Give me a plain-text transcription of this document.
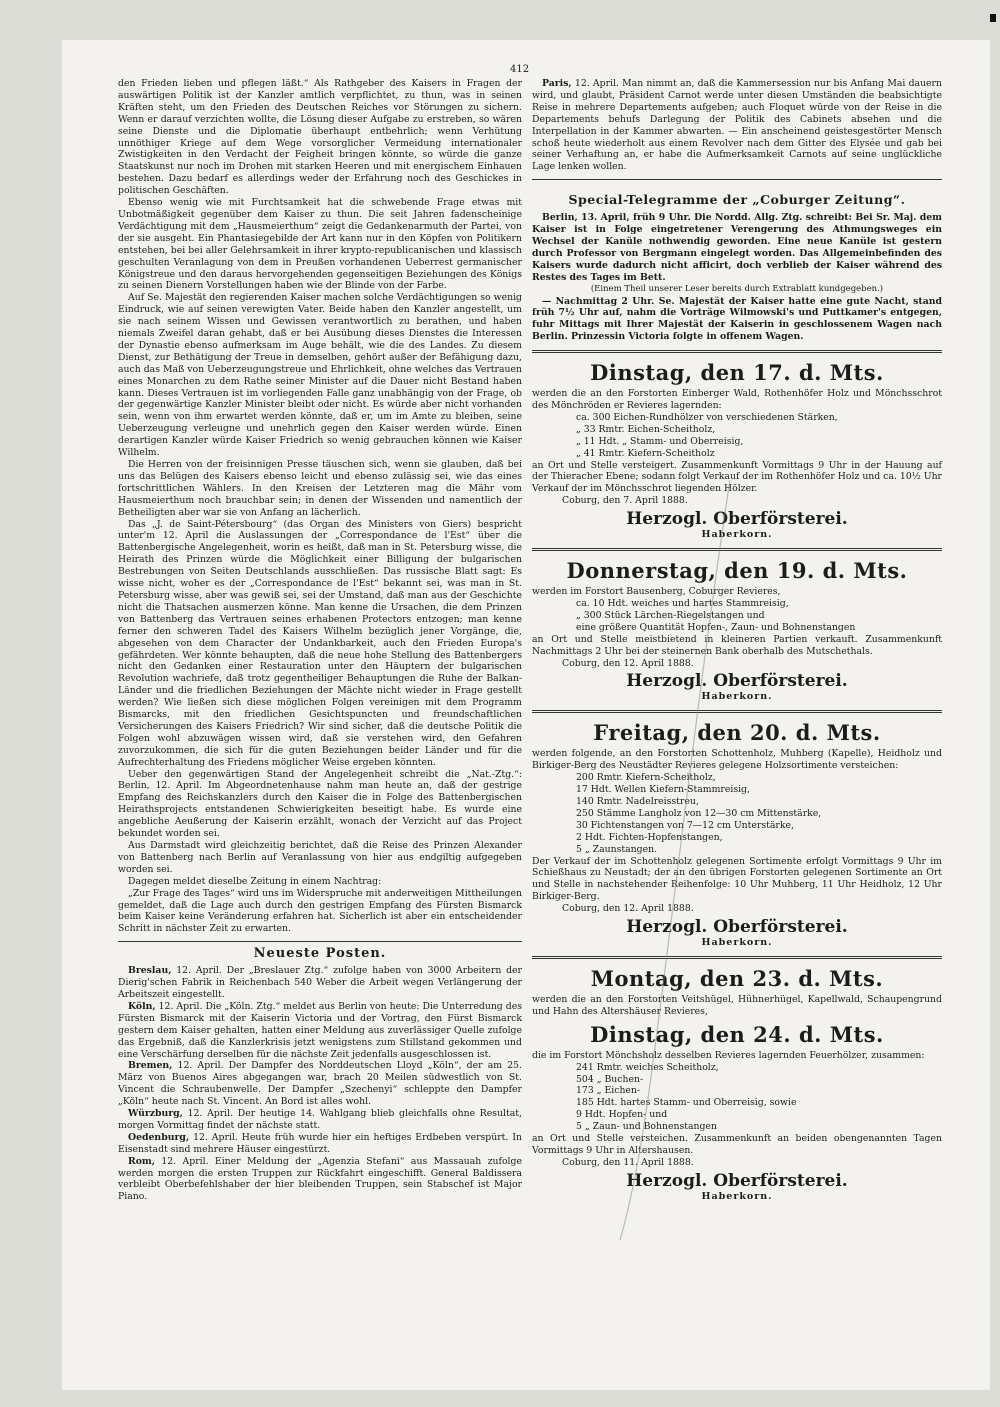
412

den Frieden lieben und pflegen läßt.“ Als Rathgeber des Kaisers in Fragen der auswärtigen Politik ist der Kanzler amtlich verpflichtet, zu thun, was in seinen Kräften steht, um den Frieden des Deutschen Reiches vor Störungen zu sichern. Wenn er darauf verzichten wollte, die Lösung dieser Aufgabe zu erstreben, so wären seine Dienste und die Diplomatie überhaupt entbehrlich; wenn Verhütung unnöthiger Kriege auf dem Wege vorsorglicher Vermeidung internationaler Zwistigkeiten in den Verdacht der Feigheit bringen könnte, so würde die ganze Staatskunst nur noch im Drohen mit starken Heeren und mit energischem Einhauen bestehen. Dazu bedarf es allerdings weder der Erfahrung noch des Geschickes in politischen Geschäften.

Ebenso wenig wie mit Furchtsamkeit hat die schwebende Frage etwas mit Unbotmäßigkeit gegenüber dem Kaiser zu thun. Die seit Jahren fadenscheinige Verdächtigung mit dem „Hausmeierthum“ zeigt die Gedankenarmuth der Partei, von der sie ausgeht. Ein Phantasiegebilde der Art kann nur in den Köpfen von Politikern entstehen, bei bei aller Gelehrsamkeit in ihrer krypto-republicanischen und klassisch geschulten Veranlagung von dem in Preußen vorhandenen Ueberrest germanischer Königstreue und den daraus hervorgehenden gegenseitigen Beziehungen des Königs zu seinen Dienern Vorstellungen haben wie der Blinde von der Farbe.

Auf Se. Majestät den regierenden Kaiser machen solche Verdächtigungen so wenig Eindruck, wie auf seinen verewigten Vater. Beide haben den Kanzler angestellt, um sie nach seinem Wissen und Gewissen verantwortlich zu berathen, und haben niemals Zweifel daran gehabt, daß er bei Ausübung dieses Dienstes die Interessen der Dynastie ebenso aufmerksam im Auge behält, wie die des Landes. Zu diesem Dienst, zur Bethätigung der Treue in demselben, gehört außer der Befähigung dazu, auch das Maß von Ueberzeugungstreue und Ehrlichkeit, ohne welches das Vertrauen eines Monarchen zu dem Rathe seiner Minister auf die Dauer nicht Bestand haben kann. Dieses Vertrauen ist im vorliegenden Falle ganz unabhängig von der Frage, ob der gegenwärtige Kanzler Minister bleibt oder nicht. Es würde aber nicht vorhanden sein, wenn von ihm erwartet werden könnte, daß er, um im Amte zu bleiben, seine Ueberzeugung verleugne und unehrlich gegen den Kaiser werden würde. Einen derartigen Kanzler würde Kaiser Friedrich so wenig gebrauchen können wie Kaiser Wilhelm.

Die Herren von der freisinnigen Presse täuschen sich, wenn sie glauben, daß bei uns das Belügen des Kaisers ebenso leicht und ebenso zulässig sei, wie das eines fortschrittlichen Wählers. In den Kreisen der Letzteren mag die Mähr vom Hausmeierthum noch brauchbar sein; in denen der Wissenden und namentlich der Betheiligten aber war sie von Anfang an lächerlich.

Das „J. de Saint-Pétersbourg“ (das Organ des Ministers von Giers) bespricht unter'm 12. April die Auslassungen der „Correspondance de l'Est“ über die Battenbergische Angelegenheit, worin es heißt, daß man in St. Petersburg wisse, die Heirath des Prinzen würde die Möglichkeit einer Billigung der bulgarischen Bestrebungen von Seiten Deutschlands ausschließen. Das russische Blatt sagt: Es wisse nicht, woher es der „Correspondance de l'Est“ bekannt sei, was man in St. Petersburg wisse, aber was gewiß sei, sei der Umstand, daß man aus der Geschichte nicht die Thatsachen ausmerzen könne. Man kenne die Ursachen, die dem Prinzen von Battenberg das Vertrauen seines erhabenen Protectors entzogen; man kenne ferner den schweren Tadel des Kaisers Wilhelm bezüglich jener Vorgänge, die, abgesehen von dem Character der Undankbarkeit, auch den Frieden Europa's gefährdeten. Wer könnte behaupten, daß die neue hohe Stellung des Battenbergers nicht den Gedanken einer Restauration unter den Häuptern der bulgarischen Revolution wachriefe, daß trotz gegentheiliger Behauptungen die Ruhe der Balkan-Länder und die friedlichen Beziehungen der Mächte nicht wieder in Frage gestellt werden? Wie ließen sich diese möglichen Folgen vereinigen mit dem Programm Bismarcks, mit den friedlichen Gesichtspuncten und freundschaftlichen Versicherungen des Kaisers Friedrich? Wir sind sicher, daß die deutsche Politik die Folgen wohl abzuwägen wissen wird, daß sie verstehen wird, den Gefahren zuvorzukommen, die sich für die guten Beziehungen beider Länder und für die Aufrechterhaltung des Friedens möglicher Weise ergeben könnten.

Ueber den gegenwärtigen Stand der Angelegenheit schreibt die „Nat.-Ztg.“: Berlin, 12. April. Im Abgeordnetenhause nahm man heute an, daß der gestrige Empfang des Reichskanzlers durch den Kaiser die in Folge des Battenbergischen Heirathsprojects entstandenen Schwierigkeiten beseitigt habe. Es wurde eine angebliche Aeußerung der Kaiserin erzählt, wonach der Verzicht auf das Project bekundet worden sei.

Aus Darmstadt wird gleichzeitig berichtet, daß die Reise des Prinzen Alexander von Battenberg nach Berlin auf Veranlassung von hier aus endgiltig aufgegeben worden sei.

Dagegen meldet dieselbe Zeitung in einem Nachtrag:

„Zur Frage des Tages“ wird uns im Widerspruche mit anderweitigen Mittheilungen gemeldet, daß die Lage auch durch den gestrigen Empfang des Fürsten Bismarck beim Kaiser keine Veränderung erfahren hat. Sicherlich ist aber ein entscheidender Schritt in nächster Zeit zu erwarten.

Neueste Posten.

Breslau, 12. April. Der „Breslauer Ztg.“ zufolge haben von 3000 Arbeitern der Dierig'schen Fabrik in Reichenbach 540 Weber die Arbeit wegen Verlängerung der Arbeitszeit eingestellt.

Köln, 12. April. Die „Köln. Ztg.“ meldet aus Berlin von heute: Die Unterredung des Fürsten Bismarck mit der Kaiserin Victoria und der Vortrag, den Fürst Bismarck gestern dem Kaiser gehalten, hatten einer Meldung aus zuverlässiger Quelle zufolge das Ergebniß, daß die Kanzlerkrisis jetzt wenigstens zum Stillstand gekommen und eine Verschärfung derselben für die nächste Zeit jedenfalls ausgeschlossen ist.

Bremen, 12. April. Der Dampfer des Norddeutschen Lloyd „Köln“, der am 25. März von Buenos Aires abgegangen war, brach 20 Meilen südwestlich von St. Vincent die Schraubenwelle. Der Dampfer „Szechenyi“ schleppte den Dampfer „Köln“ heute nach St. Vincent. An Bord ist alles wohl.

Würzburg, 12. April. Der heutige 14. Wahlgang blieb gleichfalls ohne Resultat, morgen Vormittag findet der nächste statt.

Oedenburg, 12. April. Heute früh wurde hier ein heftiges Erdbeben verspürt. In Eisenstadt sind mehrere Häuser eingestürzt.

Rom, 12. April. Einer Meldung der „Agenzia Stefani“ aus Massauah zufolge werden morgen die ersten Truppen zur Rückfahrt eingeschifft. General Baldissera verbleibt Oberbefehlshaber der hier bleibenden Truppen, sein Stabschef ist Major Piano.

Paris, 12. April. Man nimmt an, daß die Kammersession nur bis Anfang Mai dauern wird, und glaubt, Präsident Carnot werde unter diesen Umständen die beabsichtigte Reise in mehrere Departements aufgeben; auch Floquet würde von der Reise in die Departements behufs Darlegung der Politik des Cabinets absehen und die Interpellation in der Kammer abwarten. — Ein anscheinend geistesgestörter Mensch schoß heute wiederholt aus einem Revolver nach dem Gitter des Elysée und gab bei seiner Verhaftung an, er habe die Aufmerksamkeit Carnots auf seine unglückliche Lage lenken wollen.

Special-Telegramme der „Coburger Zeitung“.

Berlin, 13. April, früh 9 Uhr. Die Nordd. Allg. Ztg. schreibt: Bei Sr. Maj. dem Kaiser ist in Folge eingetretener Verengerung des Athmungsweges ein Wechsel der Kanüle nothwendig geworden. Eine neue Kanüle ist gestern durch Professor von Bergmann eingelegt worden. Das Allgemeinbefinden des Kaisers wurde dadurch nicht afficirt, doch verblieb der Kaiser während des Restes des Tages im Bett.

(Einem Theil unserer Leser bereits durch Extrablatt kundgegeben.)

— Nachmittag 2 Uhr. Se. Majestät der Kaiser hatte eine gute Nacht, stand früh 7½ Uhr auf, nahm die Vorträge Wilmowski's und Puttkamer's entgegen, fuhr Mittags mit Ihrer Majestät der Kaiserin in geschlossenem Wagen nach Berlin. Prinzessin Victoria folgte in offenem Wagen.

Dinstag, den 17. d. Mts.

werden die an den Forstorten Einberger Wald, Rothenhöfer Holz und Mönchsschrot des Mönchröden er Revieres lagernden:

ca. 300 Eichen-Rundhölzer von verschiedenen Stärken,
„ 33 Rmtr. Eichen-Scheitholz,
„ 11 Hdt. „ Stamm- und Oberreisig,
„ 41 Rmtr. Kiefern-Scheitholz

an Ort und Stelle versteigert. Zusammenkunft Vormittags 9 Uhr in der Hauung auf der Thieracher Ebene; sodann folgt Verkauf der im Rothenhöfer Holz und ca. 10½ Uhr Verkauf der im Mönchsschrot liegenden Hölzer.

Coburg, den 7. April 1888.
Herzogl. Oberförsterei.
Haberkorn.
Donnerstag, den 19. d. Mts.

werden im Forstort Bausenberg, Coburger Revieres,

ca. 10 Hdt. weiches und hartes Stammreisig,
„ 300 Stück Lärchen-Riegelstangen und
eine größere Quantität Hopfen-, Zaun- und Bohnenstangen

an Ort und Stelle meistbietend in kleineren Partien verkauft. Zusammenkunft Nachmittags 2 Uhr bei der steinernen Bank oberhalb des Mutschethals.

Coburg, den 12. April 1888.
Herzogl. Oberförsterei.
Haberkorn.
Freitag, den 20. d. Mts.

werden folgende, an den Forstorten Schottenholz, Muhberg (Kapelle), Heidholz und Birkiger-Berg des Neustädter Revieres gelegene Holzsortimente versteichen:

200 Rmtr. Kiefern-Scheitholz,
17 Hdt. Wellen Kiefern-Stammreisig,
140 Rmtr. Nadelreisstreu,
250 Stämme Langholz von 12—30 cm Mittenstärke,
30 Fichtenstangen von 7—12 cm Unterstärke,
2 Hdt. Fichten-Hopfenstangen,
5 „ Zaunstangen.

Der Verkauf der im Schottenholz gelegenen Sortimente erfolgt Vormittags 9 Uhr im Schießhaus zu Neustadt; der an den übrigen Forstorten gelegenen Sortimente an Ort und Stelle in nachstehender Reihenfolge: 10 Uhr Muhberg, 11 Uhr Heidholz, 12 Uhr Birkiger-Berg.

Coburg, den 12. April 1888.
Herzogl. Oberförsterei.
Haberkorn.
Montag, den 23. d. Mts.

werden die an den Forstorten Veitshügel, Hühnerhügel, Kapellwald, Schaupengrund und Hahn des Altershäuser Revieres,

Dinstag, den 24. d. Mts.

die im Forstort Mönchsholz desselben Revieres lagernden Feuerhölzer, zusammen:

241 Rmtr. weiches Scheitholz,
504 „ Buchen-
173 „ Eichen-
185 Hdt. hartes Stamm- und Oberreisig, sowie
9 Hdt. Hopfen- und
5 „ Zaun- und Bohnenstangen

an Ort und Stelle versteichen. Zusammenkunft an beiden obengenannten Tagen Vormittags 9 Uhr in Altershausen.

Coburg, den 11. April 1888.
Herzogl. Oberförsterei.
Haberkorn.
